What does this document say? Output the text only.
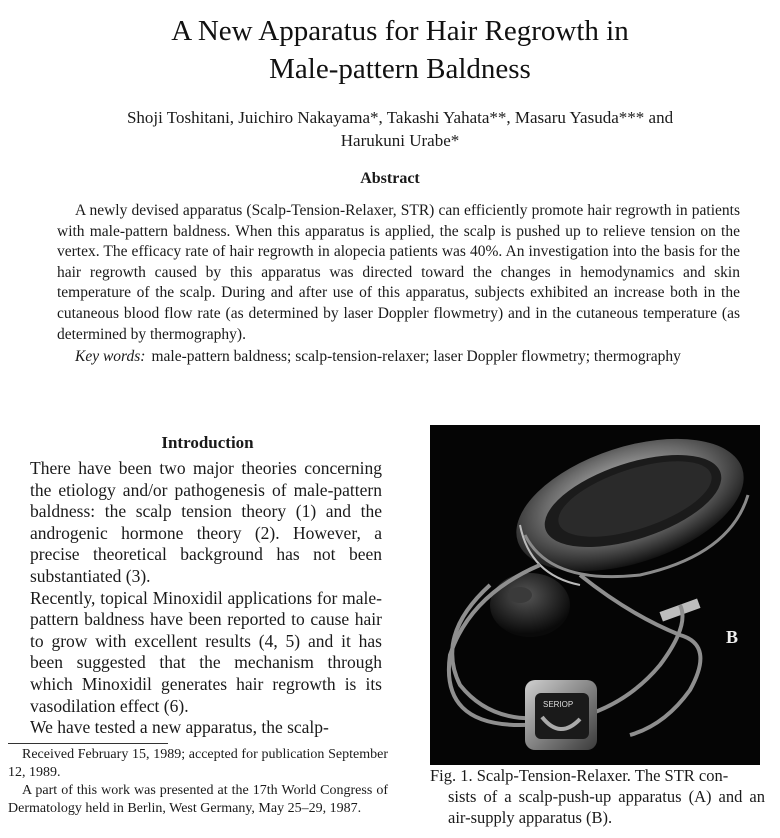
A New Apparatus for Hair Regrowth in
Male-pattern Baldness
Shoji Toshitani, Juichiro Nakayama*, Takashi Yahata**, Masaru Yasuda*** and
Harukuni Urabe*
Abstract

A newly devised apparatus (Scalp-Tension-Relaxer, STR) can efficiently promote hair regrowth in patients with male-pattern baldness. When this apparatus is applied, the scalp is pushed up to relieve tension on the vertex. The efficacy rate of hair regrowth in alopecia patients was 40%. An investigation into the basis for the hair regrowth caused by this apparatus was directed toward the changes in hemodynamics and skin temperature of the scalp. During and after use of this apparatus, subjects exhibited an increase both in the cutaneous blood flow rate (as determined by laser Doppler flowmetry) and in the cutaneous temperature (as determined by thermography).

Key words: male-pattern baldness; scalp-tension-relaxer; laser Doppler flowmetry; thermography

Introduction

There have been two major theories concerning the etiology and/or pathogenesis of male-pattern baldness: the scalp tension theory (1) and the androgenic hormone theory (2). However, a precise theoretical background has not been substantiated (3).

Recently, topical Minoxidil applications for male-pattern baldness have been reported to cause hair to grow with excellent results (4, 5) and it has been suggested that the mechanism through which Minoxidil generates hair regrowth is its vasodilation effect (6).

We have tested a new apparatus, the scalp-

Received February 15, 1989; accepted for publication September 12, 1989.

A part of this work was presented at the 17th World Congress of Dermatology held in Berlin, West Germany, May 25–29, 1987.

SERIOP
B
Fig. 1. Scalp-Tension-Relaxer. The STR con-
sists of a scalp-push-up apparatus (A) and an air-supply apparatus (B).
